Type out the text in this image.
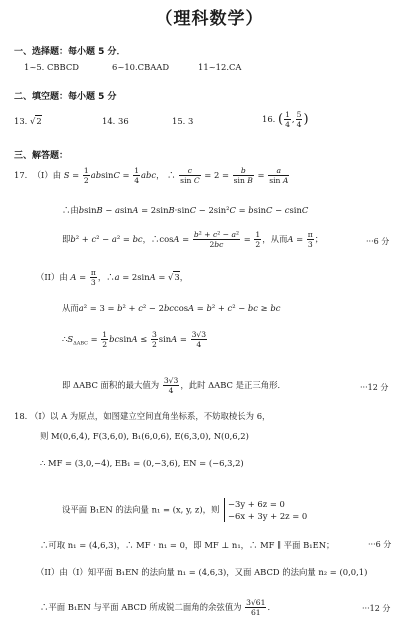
（理科数学）
一、选择题：每小题 5 分．
1~5. CBBCD	6~10.CBAAD	11~12.CA
二、填空题：每小题 5 分
13. √2	14. 36	15. 3	16. ( $\frac{1}{4}$ , $\frac{5}{4}$ )
三、解答题：
17. （I）由 $S = \frac{1}{2}$ $absinC = \frac{1}{4}$ abc， ∴ $\frac{c}{\text{sin C}} = 2 = \frac{b}{\text{sin B}} = \frac{a}{\text{sin A}}$
∴由bsinB − asinA = 2sinB·sinC − 2sin²C = bsinC − csinC
即b² + c² − a² = bc，∴cosA = $\frac{\text{b² + c² − a²}}{2bc} = \frac{1}{2}$ ，从而$A = \frac{\pi}{3}$ ；	···6 分
（II）由 $A = \frac{\pi}{3}$ ，∴a = 2sinA = √3，
从而a² = 3 = b² + c² − 2bccosA = b² + c² − bc ≥ bc
$\therefore S_{\Delta ABC} = \frac{1}{2}$ $bcsinA \le \frac{3}{2}$ $\sin A = \frac{3√3}{4}$
即 ΔABC 面积的最大值为 $\frac{3√3}{4}$ ，此时 ΔABC 是正三角形．	···12 分
18. （I）以 A 为原点，如图建立空间直角坐标系，不妨取棱长为 6，
则 M(0,6,4), F(3,6,0), B₁(6,0,6), E(6,3,0), N(0,6,2)
∴ MF = (3,0,−4), EB₁ = (0,−3,6), EN = (−6,3,2)
设平面 B₁EN 的法向量 n₁ = (x, y, z)，则
−3y + 6z = 0
−6x + 3y + 2z = 0
∴可取 n₁ = (4,6,3)，∴ MF · n₁ = 0，即 MF ⊥ n₁，∴ MF ∥ 平面 B₁EN；	···6 分
（II）由（I）知平面 B₁EN 的法向量 n₁ = (4,6,3)，又面 ABCD 的法向量 n₂ = (0,0,1)
∴平面 B₁EN 与平面 ABCD 所成锐二面角的余弦值为 $\frac{3√61}{61}$ ．	···12 分
